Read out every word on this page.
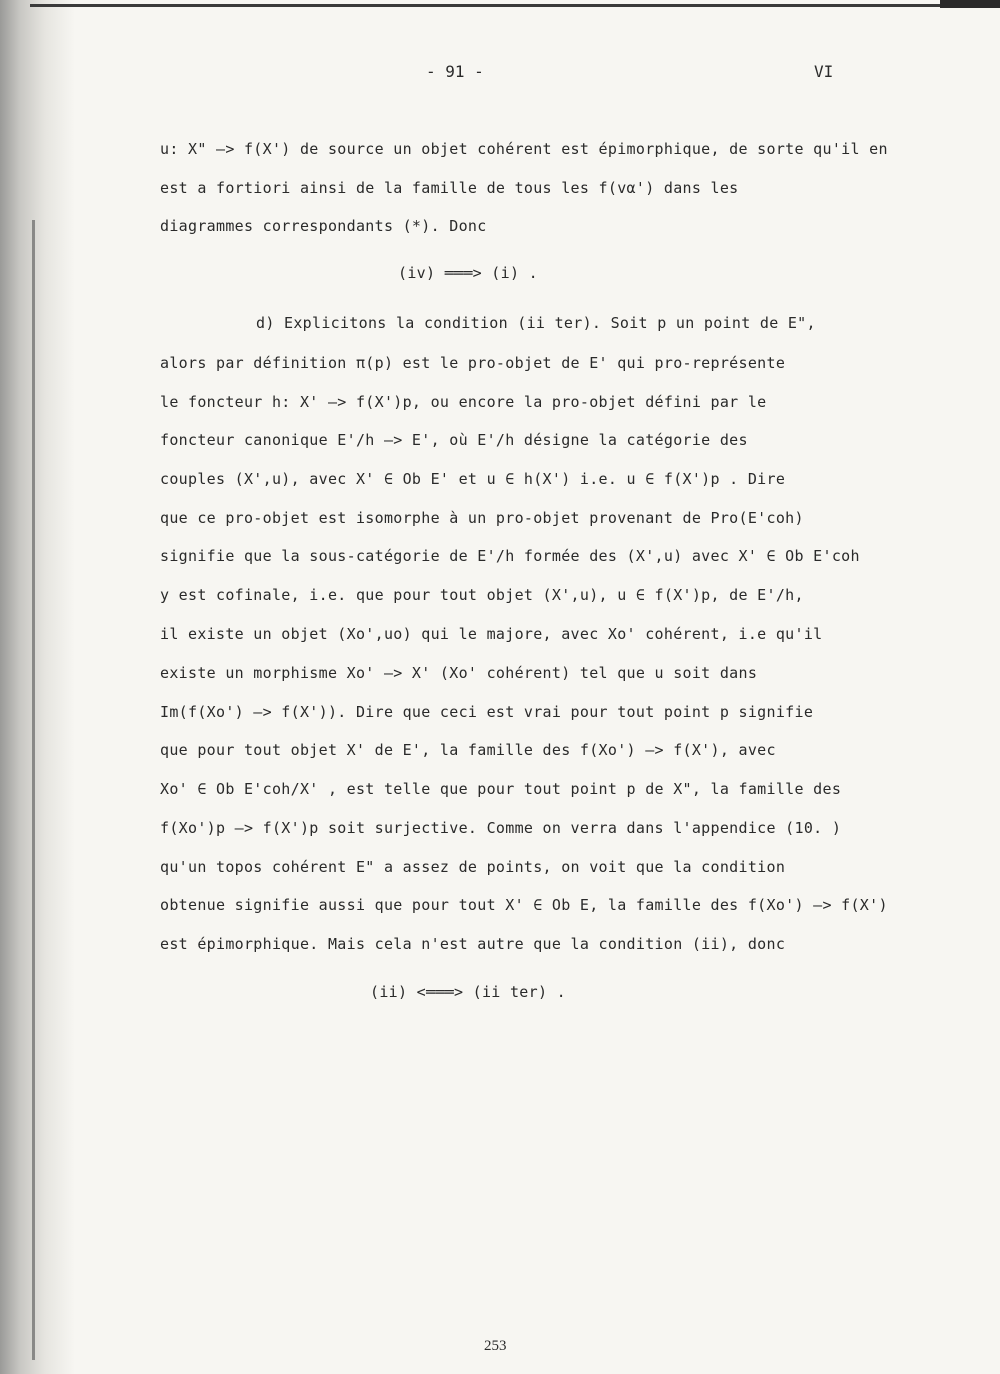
- 91 -	VI
u: X" —> f(X') de source un objet cohérent est épimorphique, de sorte qu'il en
est a fortiori ainsi de la famille de tous les f(vα') dans les
diagrammes correspondants (*). Donc
(iv) ═══> (i) .
d) Explicitons la condition (ii ter). Soit p un point de E",
alors par définition π(p) est le pro-objet de E' qui pro-représente
le foncteur h: X' —> f(X')p, ou encore la pro-objet défini par le
foncteur canonique E'/h —> E', où E'/h désigne la catégorie des
couples (X',u), avec X' ∈ Ob E' et u ∈ h(X') i.e. u ∈ f(X')p . Dire
que ce pro-objet est isomorphe à un pro-objet provenant de Pro(E'coh)
signifie que la sous-catégorie de E'/h formée des (X',u) avec X' ∈ Ob E'coh
y est cofinale, i.e. que pour tout objet (X',u), u ∈ f(X')p, de E'/h,
il existe un objet (Xo',uo) qui le majore, avec Xo' cohérent, i.e qu'il
existe un morphisme Xo' —> X' (Xo' cohérent) tel que u soit dans
Im(f(Xo') —> f(X')). Dire que ceci est vrai pour tout point p signifie
que pour tout objet X' de E', la famille des f(Xo') —> f(X'), avec
Xo' ∈ Ob E'coh/X' , est telle que pour tout point p de X", la famille des
f(Xo')p —> f(X')p soit surjective. Comme on verra dans l'appendice (10. )
qu'un topos cohérent E" a assez de points, on voit que la condition
obtenue signifie aussi que pour tout X' ∈ Ob E, la famille des f(Xo') —> f(X')
est épimorphique. Mais cela n'est autre que la condition (ii), donc
(ii) <═══> (ii ter) .
253
